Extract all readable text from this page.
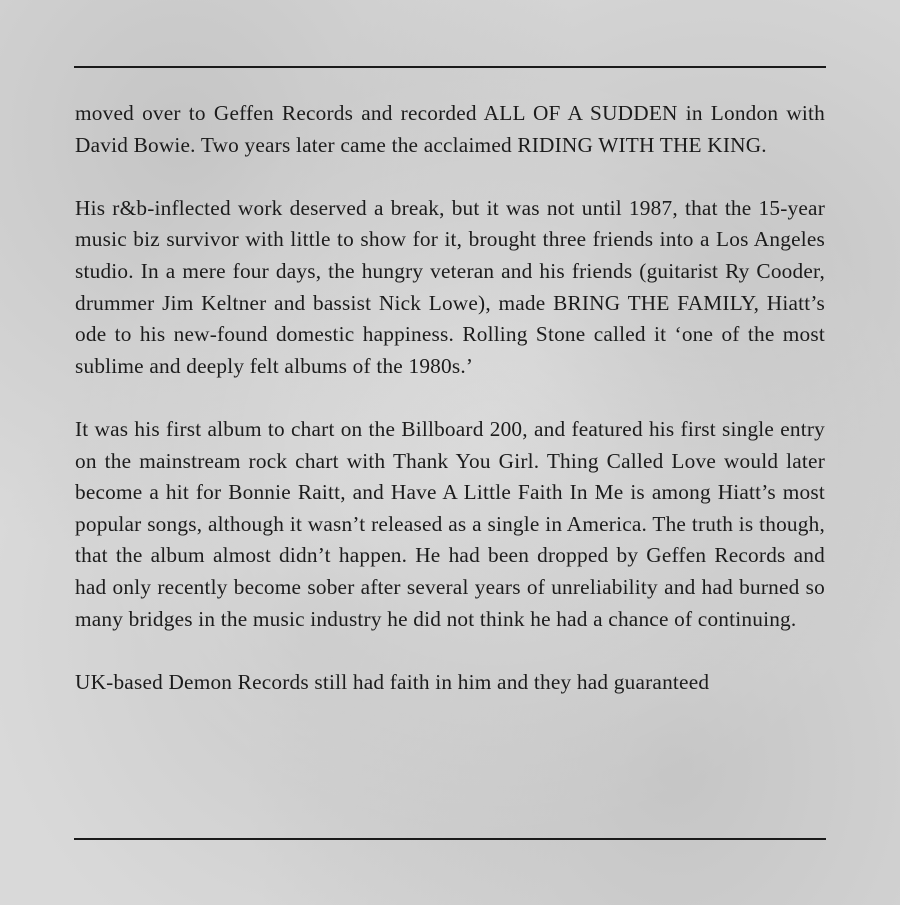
moved over to Geffen Records and recorded ALL OF A SUDDEN in London with David Bowie. Two years later came the acclaimed RIDING WITH THE KING.

His r&b-inflected work deserved a break, but it was not until 1987, that the 15-year music biz survivor with little to show for it, brought three friends into a Los Angeles studio. In a mere four days, the hungry veteran and his friends (guitarist Ry Cooder, drummer Jim Keltner and bassist Nick Lowe), made BRING THE FAMILY, Hiatt’s ode to his new-found domestic happiness. Rolling Stone called it ‘one of the most sublime and deeply felt albums of the 1980s.’

It was his first album to chart on the Billboard 200, and featured his first single entry on the mainstream rock chart with Thank You Girl. Thing Called Love would later become a hit for Bonnie Raitt, and Have A Little Faith In Me is among Hiatt’s most popular songs, although it wasn’t released as a single in America. The truth is though, that the album almost didn’t happen. He had been dropped by Geffen Records and had only recently become sober after several years of unreliability and had burned so many bridges in the music industry he did not think he had a chance of continuing.

UK-based Demon Records still had faith in him and they had guaranteed
